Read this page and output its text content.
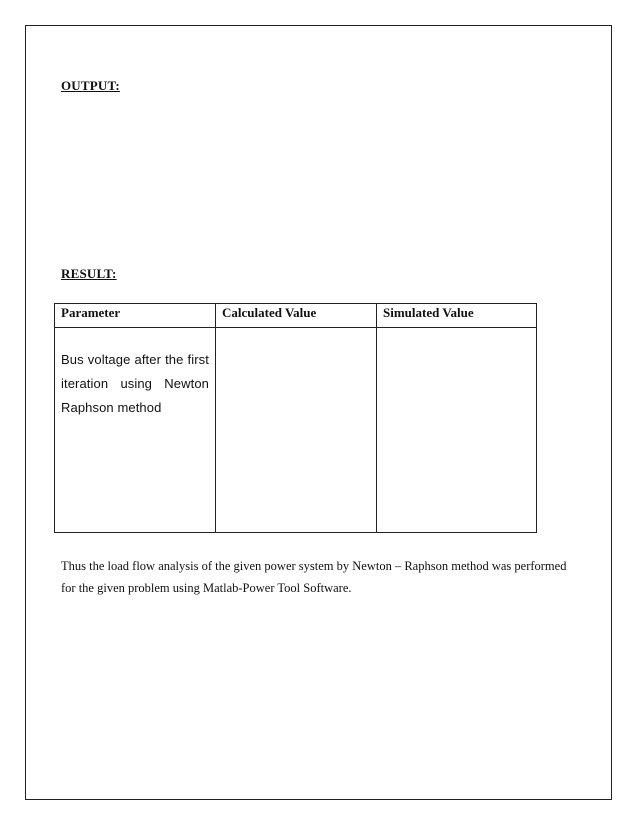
OUTPUT:
RESULT:
Parameter	Calculated Value	Simulated Value
Bus voltage after the first iteration using Newton Raphson method		
Thus the load flow analysis of the given power system by Newton – Raphson method was performed
for the given problem using Matlab-Power Tool Software.
